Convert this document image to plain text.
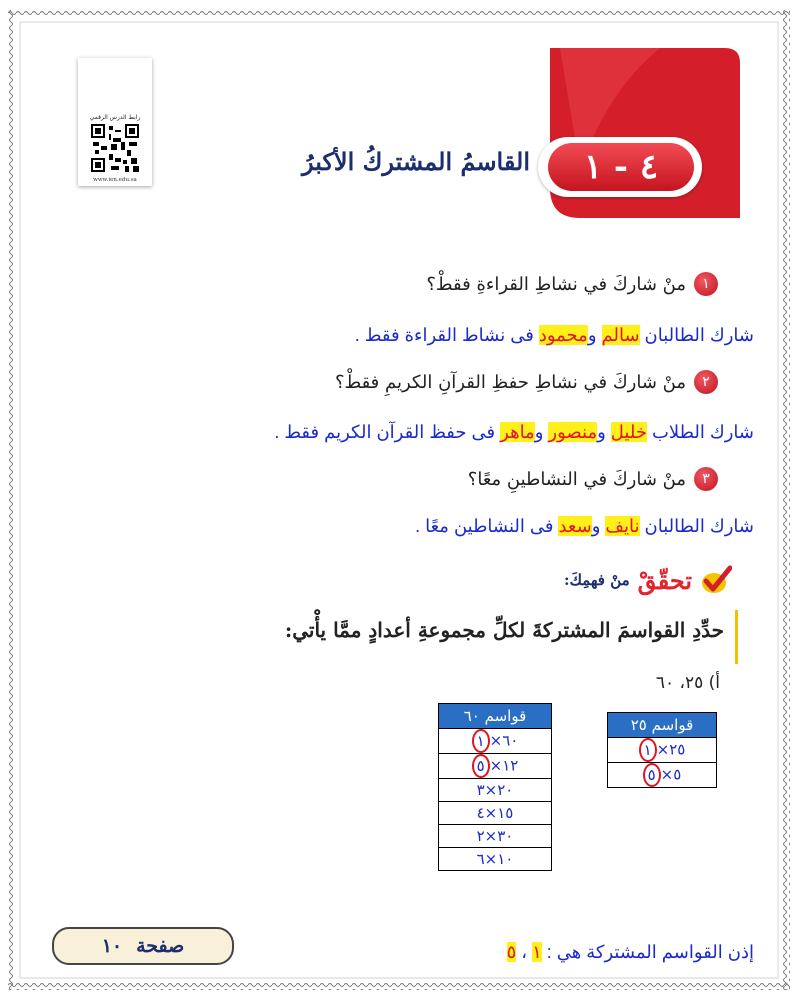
رابط الدرس الرقمي
www.ien.edu.sa	٤ - ١
القاسمُ المشتركُ الأكبرُ
١
منْ شاركَ في نشاطِ القراءةِ فقطْ؟
شارك الطالبان سالم ومحمود فى نشاط القراءة فقط .
٢
منْ شاركَ في نشاطِ حفظِ القرآنِ الكريمِ فقطْ؟
شارك الطلاب خليل ومنصور وماهر فى حفظ القرآن الكريم فقط .
٣
منْ شاركَ في النشاطينِ معًا؟
شارك الطالبان نايف وسعد فى النشاطين معًا .
تحقّقْ
منْ فهمِكَ:
حدِّدِ القواسمَ المشتركةَ لكلِّ مجموعةِ أعدادٍ ممَّا يأْتي:
أ) ٢٥، ٦٠
قواسم ٦٠
٦٠×١
١٢×٥
٢٠×٣
١٥×٤
٣٠×٢
١٠×٦
قواسم ٢٥
٢٥×١
٥×٥
إذن القواسم المشتركة هي : ١ ، ٥
صفحة
١٠
